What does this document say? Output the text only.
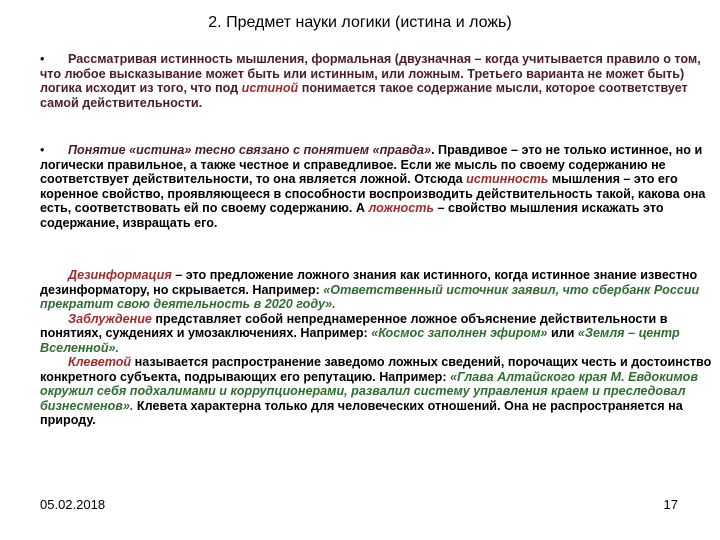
2. Предмет науки логики (истина и ложь)

• Рассматривая истинность мышления, формальная (двузначная – когда учитывается правило о том, что любое высказывание может быть или истинным, или ложным. Третьего варианта не может быть) логика исходит из того, что под истиной понимается такое содержание мысли, которое соответствует самой действительности.

• Понятие «истина» тесно связано с понятием «правда». Правдивое – это не только истинное, но и логически правильное, а также честное и справедливое. Если же мысль по своему содержанию не соответствует действительности, то она является ложной. Отсюда истинность мышления – это его коренное свойство, проявляющееся в способности воспроизводить действительность такой, какова она есть, соответствовать ей по своему содержанию. А ложность – свойство мышления искажать это содержание, извращать его.

Дезинформация – это предложение ложного знания как истинного, когда истинное знание известно дезинформатору, но скрывается. Например: «Ответственный источник заявил, что сбербанк России прекратит свою деятельность в 2020 году».
Заблуждение представляет собой непреднамеренное ложное объяснение действительности в понятиях, суждениях и умозаключениях. Например: «Космос заполнен эфиром» или «Земля – центр Вселенной».
Клеветой называется распространение заведомо ложных сведений, порочащих честь и достоинство конкретного субъекта, подрывающих его репутацию. Например: «Глава Алтайского края М. Евдокимов окружил себя подхалимами и коррупционерами, развалил систему управления краем и преследовал бизнесменов». Клевета характерна только для человеческих отношений. Она не распространяется на природу.

05.02.2018	17
